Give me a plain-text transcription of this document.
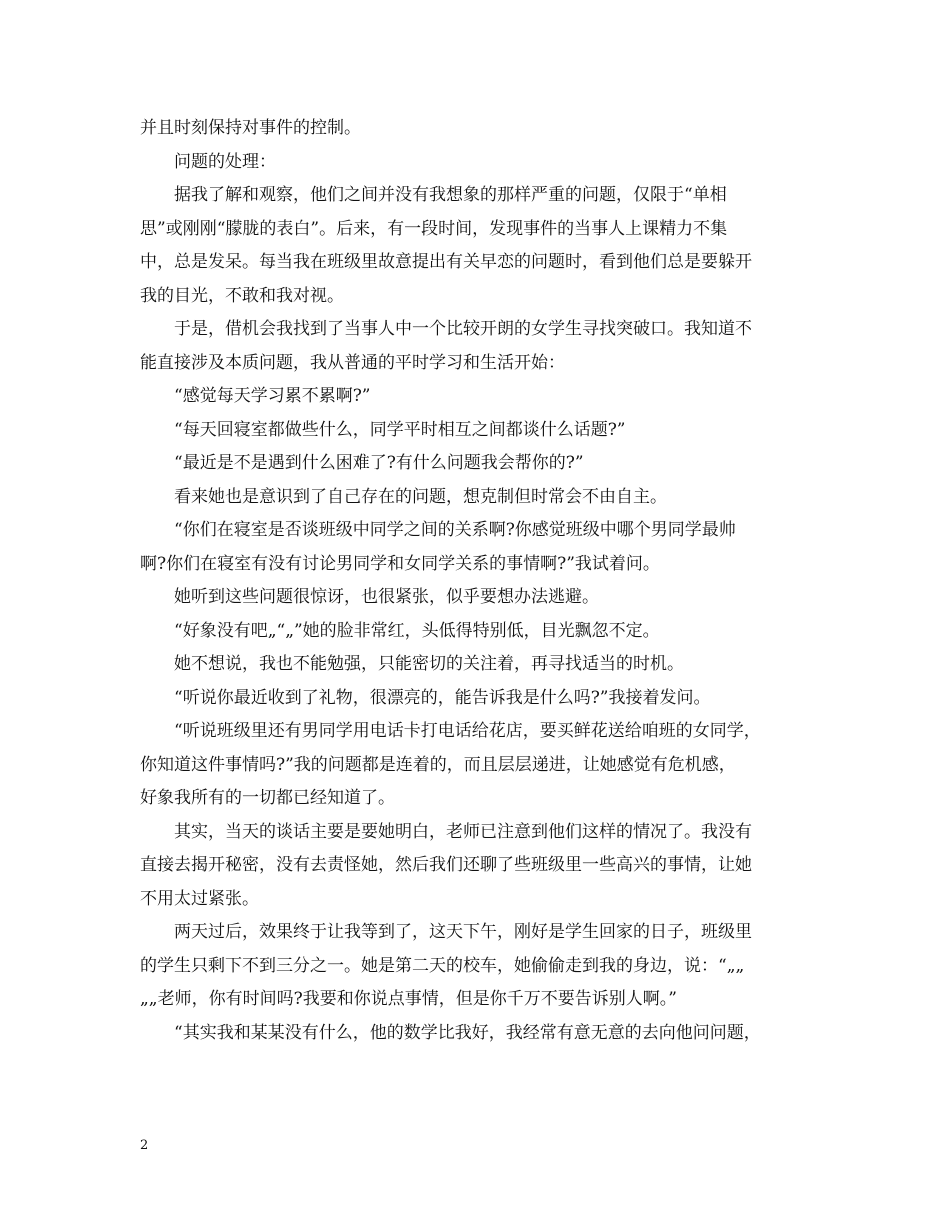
并且时刻保持对事件的控制。
问题的处理：
据我了解和观察，他们之间并没有我想象的那样严重的问题，仅限于“单相
思”或刚刚“朦胧的表白”。后来，有一段时间，发现事件的当事人上课精力不集
中，总是发呆。每当我在班级里故意提出有关早恋的问题时，看到他们总是要躲开
我的目光，不敢和我对视。
于是，借机会我找到了当事人中一个比较开朗的女学生寻找突破口。我知道不
能直接涉及本质问题，我从普通的平时学习和生活开始：
“感觉每天学习累不累啊?”
“每天回寝室都做些什么，同学平时相互之间都谈什么话题?”
“最近是不是遇到什么困难了?有什么问题我会帮你的?”
看来她也是意识到了自己存在的问题，想克制但时常会不由自主。
“你们在寝室是否谈班级中同学之间的关系啊?你感觉班级中哪个男同学最帅
啊?你们在寝室有没有讨论男同学和女同学关系的事情啊?”我试着问。
她听到这些问题很惊讶，也很紧张，似乎要想办法逃避。
“好象没有吧„“„”她的脸非常红，头低得特别低，目光飘忽不定。
她不想说，我也不能勉强，只能密切的关注着，再寻找适当的时机。
“听说你最近收到了礼物，很漂亮的，能告诉我是什么吗?”我接着发问。
“听说班级里还有男同学用电话卡打电话给花店，要买鲜花送给咱班的女同学，
你知道这件事情吗?”我的问题都是连着的，而且层层递进，让她感觉有危机感，
好象我所有的一切都已经知道了。
其实，当天的谈话主要是要她明白，老师已注意到他们这样的情况了。我没有
直接去揭开秘密，没有去责怪她，然后我们还聊了些班级里一些高兴的事情，让她
不用太过紧张。
两天过后，效果终于让我等到了，这天下午，刚好是学生回家的日子，班级里
的学生只剩下不到三分之一。她是第二天的校车，她偷偷走到我的身边，说：“„„
„„老师，你有时间吗?我要和你说点事情，但是你千万不要告诉别人啊。”
“其实我和某某没有什么，他的数学比我好，我经常有意无意的去向他问问题，
2
